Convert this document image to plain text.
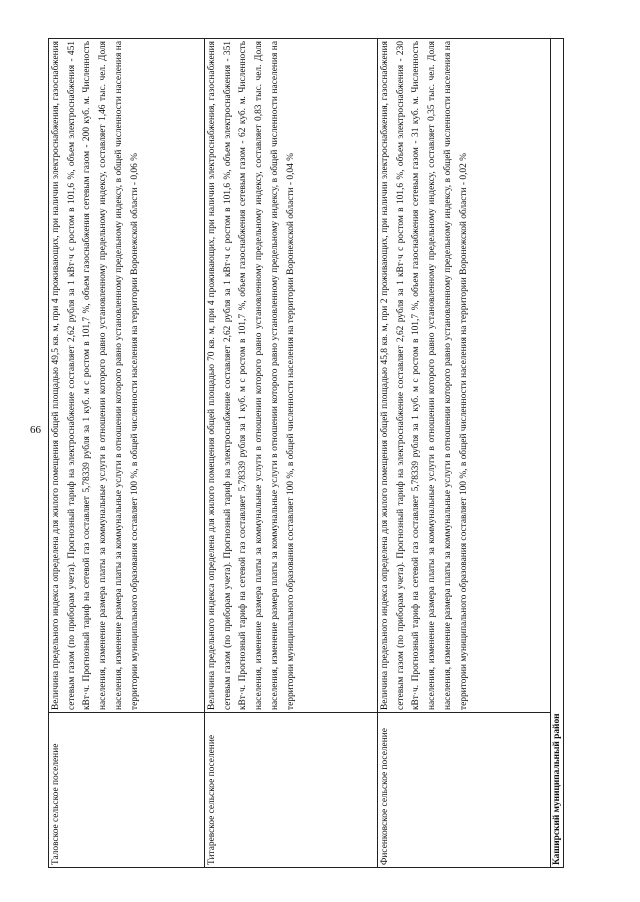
66
Таловское сельское поселение	Величина предельного индекса определена для жилого помещения общей площадью 49,5 кв. м, при 4 проживающих, при наличии электроснабжения, газоснабжения сетевым газом (по приборам учета). Прогнозный тариф на электроснабжение составляет 2,62 рубля за 1 кВт·ч с ростом в 101,6 %, объем электроснабжения - 451 кВт·ч. Прогнозный тариф на сетевой газ составляет 5,78339 рубля за 1 куб. м с ростом в 101,7 %, объем газоснабжения сетевым газом - 200 куб. м. Численность населения, изменение размера платы за коммунальные услуги в отношении которого равно установленному предельному индексу, составляет 1,46 тыс. чел. Доля населения, изменение размера платы за коммунальные услуги в отношении которого равно установленному предельному индексу, в общей численности населения на территории муниципального образования составляет 100 %, в общей численности населения на территории Воронежской области - 0,06 %
Титаревское сельское поселение	Величина предельного индекса определена для жилого помещения общей площадью 70 кв. м, при 4 проживающих, при наличии электроснабжения, газоснабжения сетевым газом (по приборам учета). Прогнозный тариф на электроснабжение составляет 2,62 рубля за 1 кВт·ч с ростом в 101,6 %, объем электроснабжения - 351 кВт·ч. Прогнозный тариф на сетевой газ составляет 5,78339 рубля за 1 куб. м с ростом в 101,7 %, объем газоснабжения сетевым газом - 62 куб. м. Численность населения, изменение размера платы за коммунальные услуги в отношении которого равно установленному предельному индексу, составляет 0,83 тыс. чел. Доля населения, изменение размера платы за коммунальные услуги в отношении которого равно установленному предельному индексу, в общей численности населения на территории муниципального образования составляет 100 %, в общей численности населения на территории Воронежской области - 0,04 %
Фисенковское сельское поселение	Величина предельного индекса определена для жилого помещения общей площадью 45,8 кв. м, при 2 проживающих, при наличии электроснабжения, газоснабжения сетевым газом (по приборам учета). Прогнозный тариф на электроснабжение составляет 2,62 рубля за 1 кВт·ч с ростом в 101,6 %, объем электроснабжения - 230 кВт·ч. Прогнозный тариф на сетевой газ составляет 5,78339 рубля за 1 куб. м с ростом в 101,7 %, объем газоснабжения сетевым газом - 31 куб. м. Численность населения, изменение размера платы за коммунальные услуги в отношении которого равно установленному предельному индексу, составляет 0,35 тыс. чел. Доля населения, изменение размера платы за коммунальные услуги в отношении которого равно установленному предельному индексу, в общей численности населения на территории муниципального образования составляет 100 %, в общей численности населения на территории Воронежской области - 0,02 %
Каширский муниципальный район	
